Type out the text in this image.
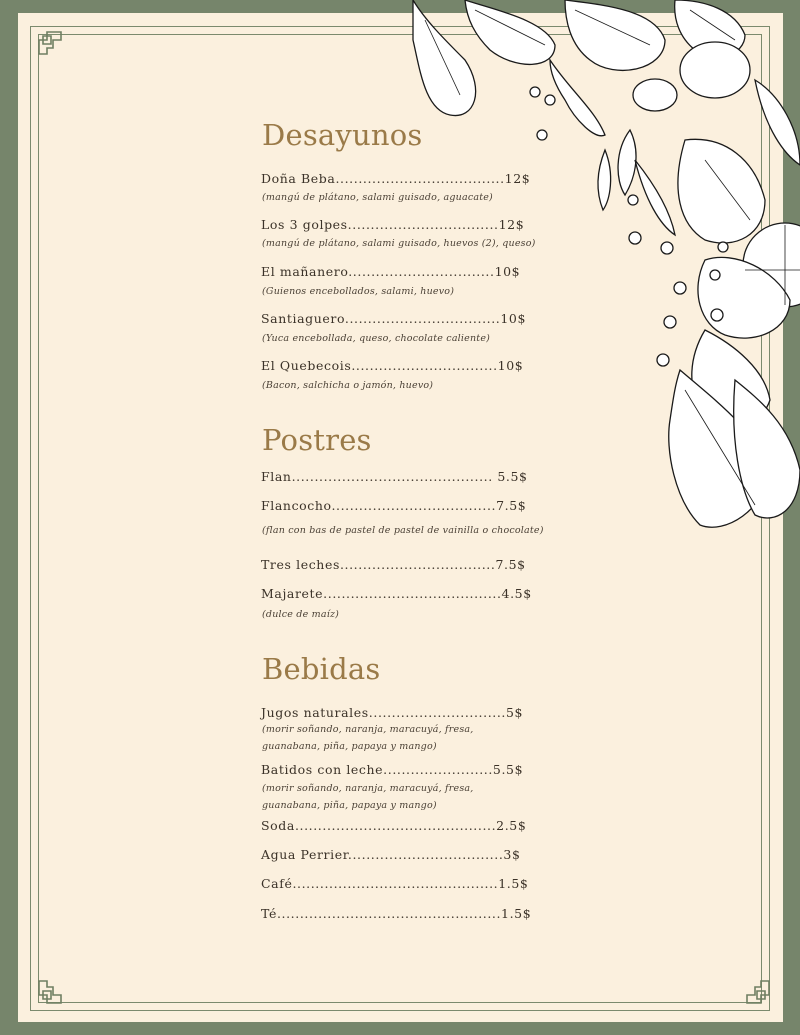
Desayunos
Doña Beba.....................................12$
(mangú de plátano, salami guisado, aguacate)
Los 3 golpes.................................12$
(mangú de plátano, salami guisado, huevos (2), queso)
El mañanero................................10$
(Guienos encebollados, salami, huevo)
Santiaguero..................................10$
(Yuca encebollada, queso, chocolate caliente)
El Quebecois................................10$
(Bacon, salchicha o jamón, huevo)
Postres
Flan............................................ 5.5$
Flancocho....................................7.5$
(flan con bas de pastel de pastel de vainilla o chocolate)
Tres leches..................................7.5$
Majarete.......................................4.5$
(dulce de maíz)
Bebidas
Jugos naturales..............................5$
(morir soñando, naranja, maracuyá, fresa,
guanabana, piña, papaya y mango)
Batidos con leche........................5.5$
(morir soñando, naranja, maracuyá, fresa,
guanabana, piña, papaya y mango)
Soda............................................2.5$
Agua Perrier..................................3$
Café.............................................1.5$
Té.................................................1.5$
